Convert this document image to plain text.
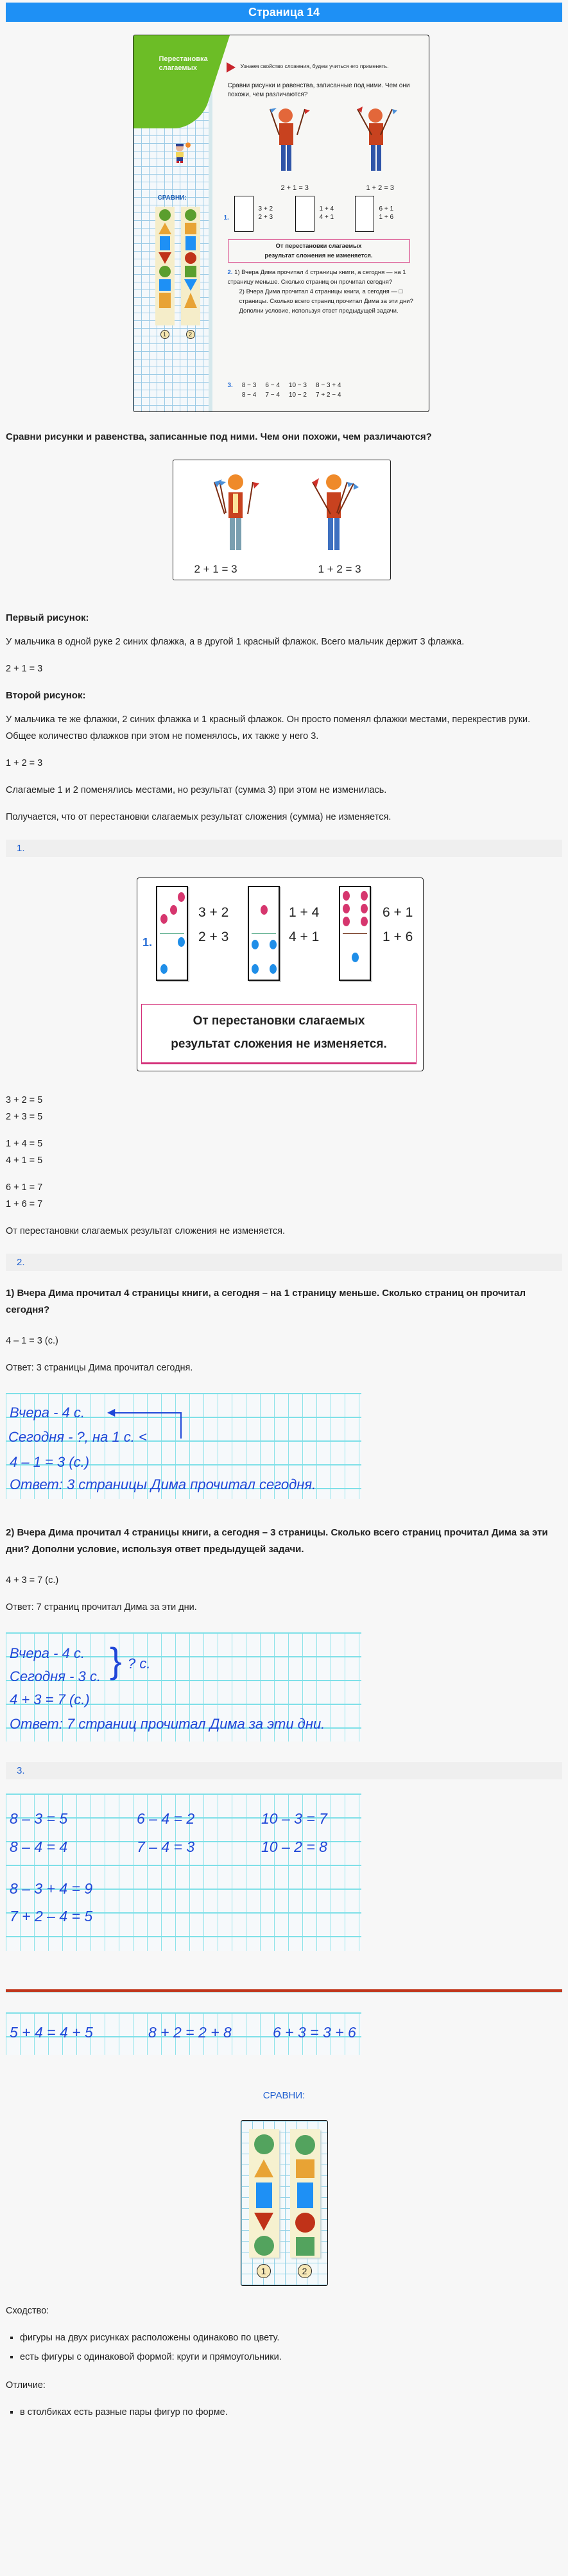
Страница 14
Перестановка
слагаемых
СРАВНИ:
1	2
Узнаем свойство сложения, будем учиться его применять.
Сравни рисунки и равенства, записанные под ними. Чем они похожи, чем различаются?
2 + 1 = 3	1 + 2 = 3
1.
3 + 2
2 + 3
1 + 4
4 + 1
6 + 1
1 + 6
От перестановки слагаемых
результат сложения не изменяется.
2. 1) Вчера Дима прочитал 4 страницы книги, а сегодня — на 1 страницу меньше. Сколько страниц он прочитал сегодня?
2) Вчера Дима прочитал 4 страницы книги, а сегодня — □ страницы. Сколько всего страниц прочитал Дима за эти дни? Дополни условие, используя ответ предыдущей задачи.
3.	8 − 3	6 − 4	10 − 3	8 − 3 + 4
	8 − 4	7 − 4	10 − 2	7 + 2 − 4
Сравни рисунки и равенства, записанные под ними. Чем они похожи, чем различаются?
2 + 1 = 3	1 + 2 = 3
Первый рисунок:

У мальчика в одной руке 2 синих флажка, а в другой 1 красный флажок. Всего мальчик держит 3 флажка.

2 + 1 = 3

Второй рисунок:

У мальчика те же флажки, 2 синих флажка и 1 красный флажок. Он просто поменял флажки местами, перекрестив руки. Общее количество флажков при этом не поменялось, их также у него 3.

1 + 2 = 3

Слагаемые 1 и 2 поменялись местами, но результат (сумма 3) при этом не изменилась.

Получается, что от перестановки слагаемых результат сложения (сумма) не изменяется.

1.
1.
3 + 2
2 + 3
1 + 4
4 + 1
6 + 1
1 + 6
От перестановки слагаемых
результат сложения не изменяется.
3 + 2 = 5
2 + 3 = 5
1 + 4 = 5
4 + 1 = 5
6 + 1 = 7
1 + 6 = 7

От перестановки слагаемых результат сложения не изменяется.

2.
1) Вчера Дима прочитал 4 страницы книги, а сегодня – на 1 страницу меньше. Сколько страниц он прочитал сегодня?

4 – 1 = 3 (с.)

Ответ: 3 страницы Дима прочитал сегодня.

Вчера - 4 с.
Сегодня - ?, на 1 с. <
◀
4 – 1 = 3 (с.)
Ответ: 3 страницы Дима прочитал сегодня.
2) Вчера Дима прочитал 4 страницы книги, а сегодня – 3 страницы. Сколько всего страниц прочитал Дима за эти дни? Дополни условие, используя ответ предыдущей задачи.

4 + 3 = 7 (с.)

Ответ: 7 страниц прочитал Дима за эти дни.

Вчера - 4 с.
Сегодня - 3 с. } ? с.
4 + 3 = 7 (с.)
Ответ: 7 страниц прочитал Дима за эти дни.
3.
8 – 3 = 5	6 – 4 = 2	10 – 3 = 7
8 – 4 = 4	7 – 4 = 3	10 – 2 = 8
8 – 3 + 4 = 9
7 + 2 – 4 = 5
5 + 4 = 4 + 5	8 + 2 = 2 + 8	6 + 3 = 3 + 6
СРАВНИ:
1	2

Сходство:

▪ фигуры на двух рисунках расположены одинаково по цвету.
▪ есть фигуры с одинаковой формой: круги и прямоугольники.

Отличие:

▪ в столбиках есть разные пары фигур по форме.
